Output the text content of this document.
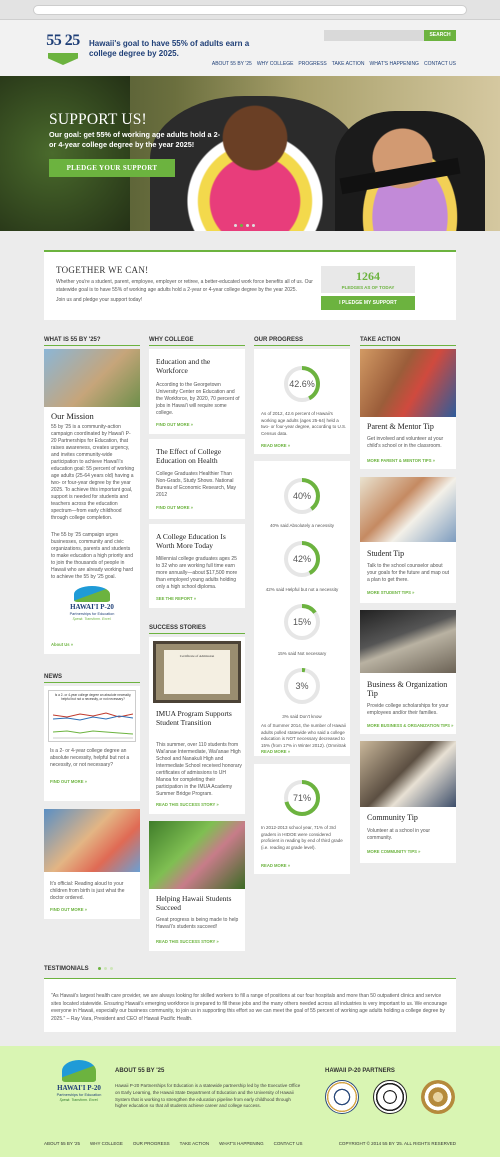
55 25 Hawaii's goal to have 55% of adults earn a college degree by 2025.
SEARCH
ABOUT 55 BY '25 WHY COLLEGE PROGRESS TAKE ACTION WHAT'S HAPPENING CONTACT US
SUPPORT US!
Our goal: get 55% of working age adults hold a 2- or 4-year college degree by the year 2025!
PLEDGE YOUR SUPPORT
TOGETHER WE CAN!
Whether you're a student, parent, employee, employer or retiree, a better-educated work force benefits all of us. Our statewide goal is to have 55% of working age adults hold a 2-year or 4-year college degree by the year 2025.
Join us and pledge your support today!
1264
PLEDGES AS OF TODAY
I PLEDGE MY SUPPORT
WHAT IS 55 BY '25?	WHY COLLEGE	OUR PROGRESS	TAKE ACTION
Our Mission

55 by '25 is a community-action campaign coordinated by Hawai'i P-20 Partnerships for Education, that raises awareness, creates urgency, and invites community-wide participation to achieve Hawai'i's education goal: 55 percent of working age adults (25-64 years old) having a two- or four-year degree by the year 2025. To achieve this important goal, support is needed for students and teachers across the education spectrum—from early childhood through college completion.

The 55 by '25 campaign urges businesses, community and civic organizations, parents and students to make education a high priority and to join the thousands of people in Hawaii who are already working hard to achieve the 55 by '25 goal.

HAWAI'I P-20
Partnerships for Education
Speak. Transform. Excel.
About Us »
NEWS
Is a 2- or 4-year college degree an absolute necessity, helpful but not a necessity, or not necessary?

Is a 2- or 4-year college degree an absolute necessity, helpful but not a necessity, or not necessary?

FIND OUT MORE »

It's official: Reading aloud to your children from birth is just what the doctor ordered.

FIND OUT MORE »
Education and the Workforce

According to the Georgetown University Center on Education and the Workforce, by 2020, 70 percent of jobs in Hawai'i will require some college.

FIND OUT MORE »
The Effect of College Education on Health

College Graduates Healthier Than Non-Grads, Study Shows. National Bureau of Economic Research, May 2012

FIND OUT MORE »
A College Education Is Worth More Today

Millennial college graduates ages 25 to 32 who are working full time earn more annually—about $17,500 more than employed young adults holding only a high school diploma.

SEE THE REPORT »
SUCCESS STORIES
Certificate of Admission
IMUA Program Supports Student Transition

This summer, over 110 students from Wai'anae Intermediate, Wai'anae High School and Nanakuli High and Intermediate School received honorary certificates of admissions to UH Manoa for completing their participation in the IMUA Academy Summer Bridge Program.

READ THIS SUCCESS STORY »
Helping Hawaii Students Succeed

Great progress is being made to help Hawai'i's students succeed!

READ THIS SUCCESS STORY »
42.6%
As of 2012, 42.6 percent of Hawaii's working age adults (ages 25-64) held a two- or four-year degree, according to U.S. Census data.
READ MORE »
40%
40% said Absolutely a necessity
42%
42% said Helpful but not a necessity
15%
15% said Not necessary
3%
3% said Don't know
As of Summer 2014, the number of Hawaii adults polled statewide who said a college education is NOT necessary decreased to 15% (from 17% in Winter 2012). (Omnitrak
READ MORE »
71%
In 2012-2013 school year, 71% of 3rd graders in HIDOE were considered proficient in reading by end of third grade (i.e. reading at grade level).
READ MORE »
Parent & Mentor Tip

Get involved and volunteer at your child's school or in the classroom.

MORE PARENT & MENTOR TIPS »
Student Tip

Talk to the school counselor about your goals for the future and map out a plan to get there.

MORE STUDENT TIPS »
Business & Organization Tip

Provide college scholarships for your employees and/or their families.

MORE BUSINESS & ORGANIZATION TIPS »
Community Tip

Volunteer at a school in your community.

MORE COMMUNITY TIPS »
TESTIMONIALS
"As Hawaii's largest health care provider, we are always looking for skilled workers to fill a range of positions at our four hospitals and more than 50 outpatient clinics and service sites located statewide. Ensuring Hawaii's emerging workforce is prepared to fill these jobs and the many others needed across all industries is very important to us. We encourage everyone in Hawaii, especially our business community, to join us in supporting this effort so we can meet the goal of 55 percent of working age adults holding a college degree by 2025." – Ray Vara, President and CEO of Hawaii Pacific Health.
HAWAI'I P-20
Partnerships for Education
Speak. Transform. Excel.
ABOUT 55 BY '25
Hawaii P-20 Partnerships for Education is a statewide partnership led by the Executive Office on Early Learning, the Hawaii State Department of Education and the University of Hawaii System that is working to strengthen the education pipeline from early childhood through higher education so that all students achieve career and college success.
HAWAII P-20 PARTNERS
ABOUT 55 BY '25 WHY COLLEGE OUR PROGRESS TAKE ACTION WHAT'S HAPPENING CONTACT US	COPYRIGHT © 2014 55 BY '25. ALL RIGHTS RESERVED
